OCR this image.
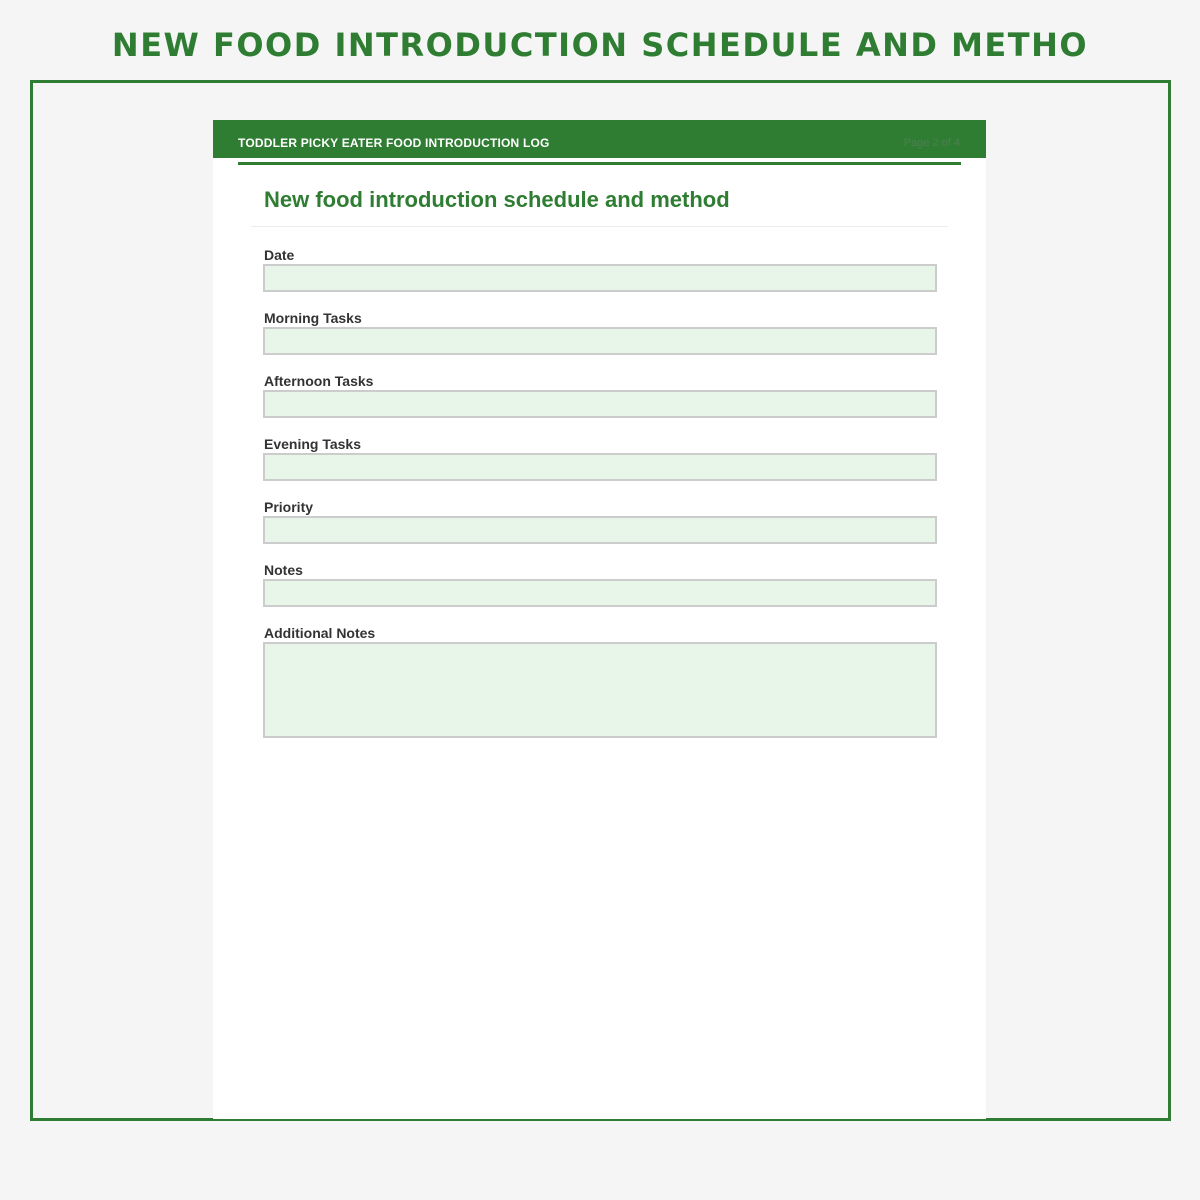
NEW FOOD INTRODUCTION SCHEDULE AND METHO
TODDLER PICKY EATER FOOD INTRODUCTION LOG	Page 2 of 4
New food introduction schedule and method
Date
Morning Tasks
Afternoon Tasks
Evening Tasks
Priority
Notes
Additional Notes
